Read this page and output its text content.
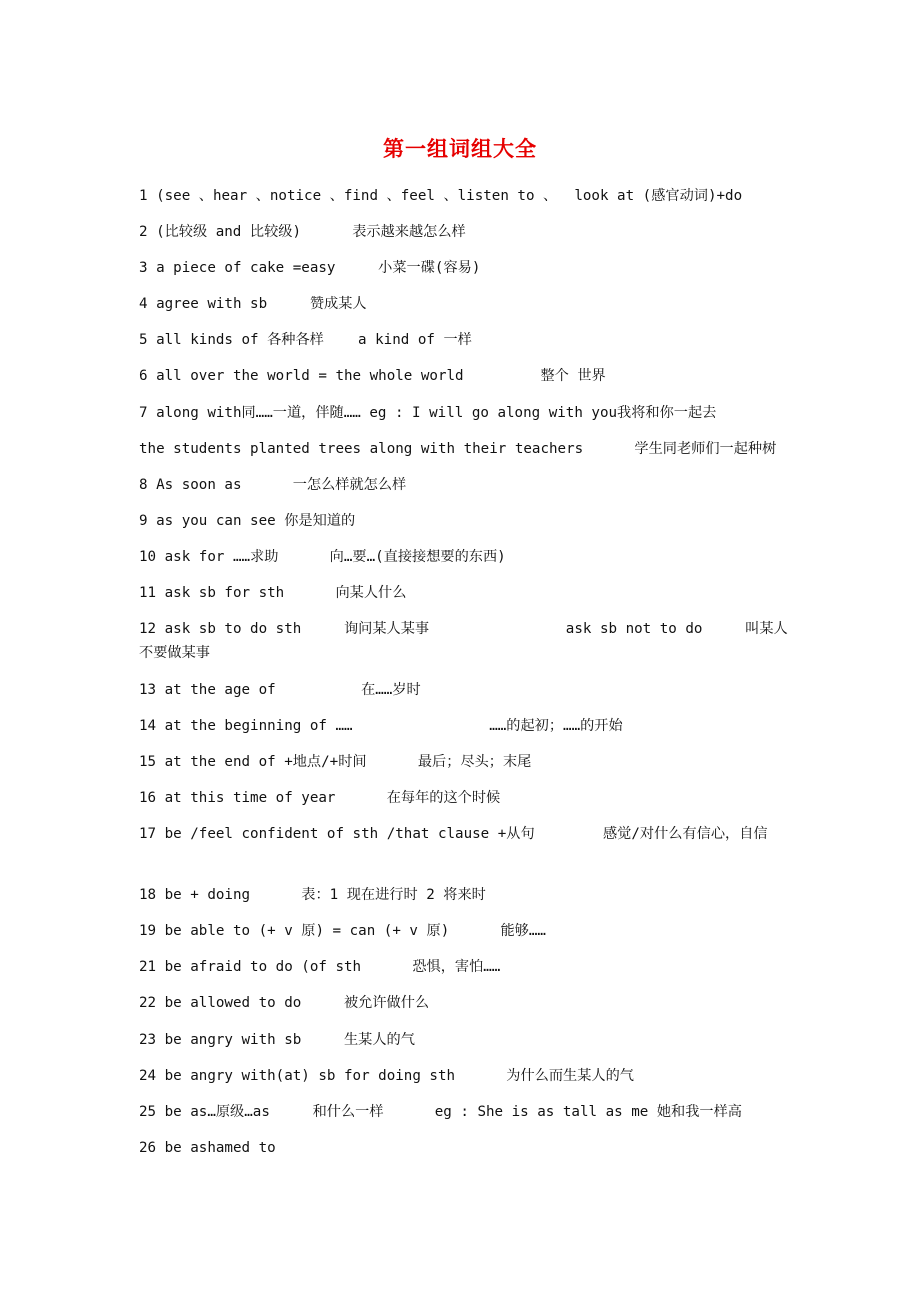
第一组词组大全
1 (see 、hear 、notice 、find 、feel 、listen to 、  look at (感官动词)+do
2 (比较级 and 比较级)      表示越来越怎么样
3 a piece of cake =easy     小菜一碟(容易)
4 agree with sb     赞成某人
5 all kinds of 各种各样    a kind of 一样
6 all over the world = the whole world         整个 世界
7 along with同……一道，伴随…… eg : I will go along with you我将和你一起去
the students planted trees along with their teachers      学生同老师们一起种树
8 As soon as      一怎么样就怎么样
9 as you can see 你是知道的
10 ask for ……求助      向…要…(直接接想要的东西)
11 ask sb for sth      向某人什么
12 ask sb to do sth     询问某人某事                ask sb not to do     叫某人不要做某事
13 at the age of          在……岁时
14 at the beginning of ……                ……的起初；……的开始
15 at the end of +地点/+时间      最后；尽头；末尾
16 at this time of year      在每年的这个时候
17 be /feel confident of sth /that clause +从句        感觉/对什么有信心，自信
18 be + doing      表：1 现在进行时 2 将来时
19 be able to (+ v 原) = can (+ v 原)      能够……
21 be afraid to do (of sth      恐惧，害怕……
22 be allowed to do     被允许做什么
23 be angry with sb     生某人的气
24 be angry with(at) sb for doing sth      为什么而生某人的气
25 be as…原级…as     和什么一样      eg : She is as tall as me 她和我一样高
26 be ashamed to
